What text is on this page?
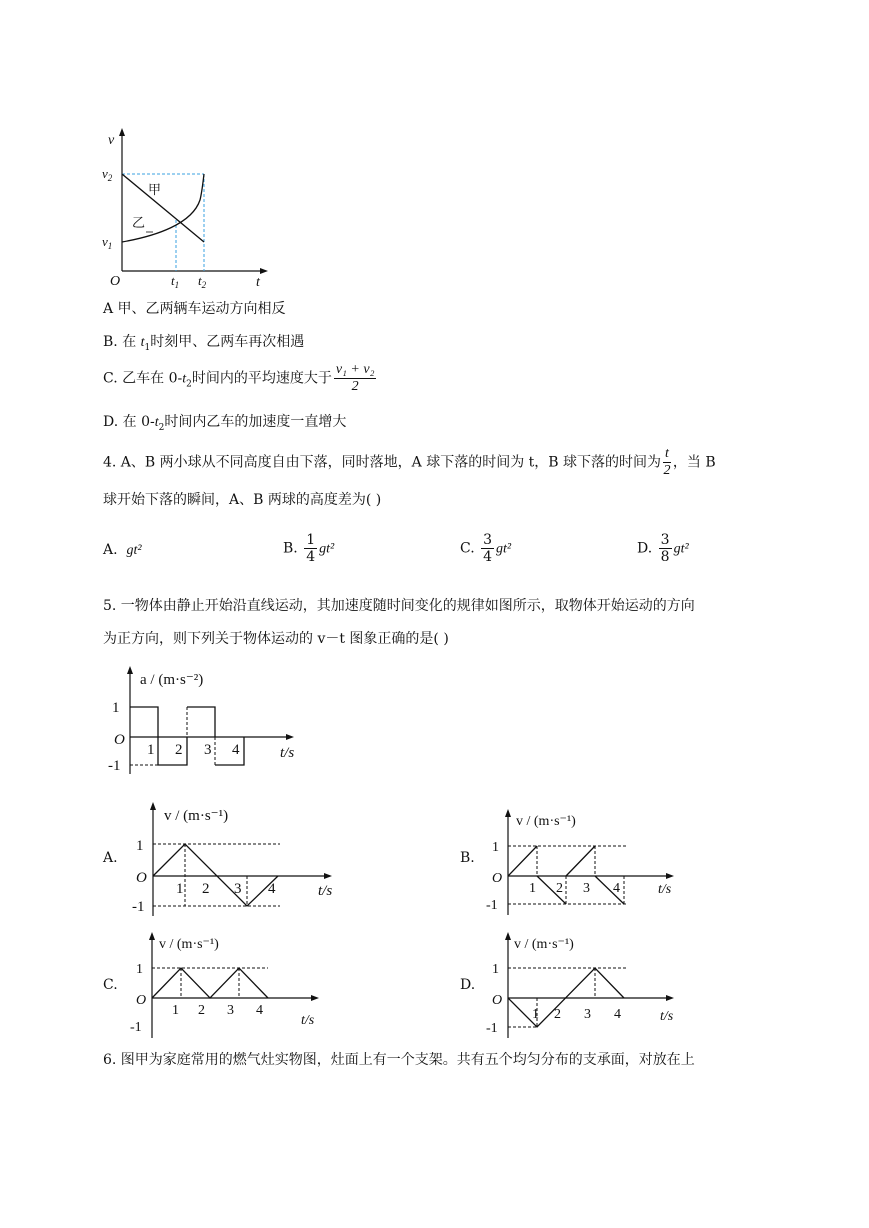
v
t
O
$v_2$
$v_1$
$t_1$ $t_2$
甲
乙
A 甲、乙两辆车运动方向相反
B. 在 $t_1$时刻甲、乙两车再次相遇
C. 乙车在 $0-t_2$时间内的平均速度大于 $\frac{\text{v₁ + v₂}}{2}$
D. 在 $0-t_2$时间内乙车的加速度一直增大
4. A、B 两小球从不同高度自由下落，同时落地，A 球下落的时间为 t，B 球下落的时间为 $\frac{t}{2}$ ，当 B
球开始下落的瞬间，A、B 两球的高度差为( )
A. gt²	B. $\frac{1}{4} gt^2$	C. $\frac{3}{4} gt^2$	D. $\frac{3}{8} gt^2$
5. 一物体由静止开始沿直线运动，其加速度随时间变化的规律如图所示，取物体开始运动的方向
为正方向，则下列关于物体运动的 v－t 图象正确的是( )
a / (m·s⁻²)
t/s
O
1
-1
1 2 3 4
A.
v / (m·s⁻¹)
t/s
O
1
-1
1 2 3 4
B.
v / (m·s⁻¹)
t/s
O
1
-1
1 2 3 4
C.
v / (m·s⁻¹)
t/s
O
1
-1
1 2 3 4
D.
v / (m·s⁻¹)
t/s
O
1
-1
1 2 3 4
6. 图甲为家庭常用的燃气灶实物图，灶面上有一个支架。共有五个均匀分布的支承面，对放在上
